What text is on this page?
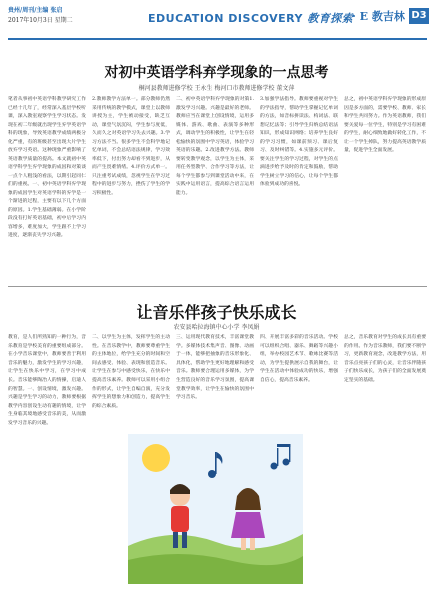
贵州/周刊/主编 张启
2017年10月3日 星期二	EDUCATION DISCOVERY 教育探索
· E 教吉林 D3
对初中英语学科弃学现象的一点思考
桐河县教师进修学校 王永生 梅河口市教师进修学校 董文萍
笔者从事初中英语学科教学研究工作已经十几年了，经常深入基层学校听课，深入教室观察学生学习状态。发现在初二年级就出现学生弃学英语学科的现象，导致英语教学成绩两极分化严重，有的班级甚至出现大片学生放弃学习英语。这种现象严重影响了英语教学质量的提高。本文就初中英语学科学生弃学现象的成因和对策谈一点个人粗浅的看法，以期引起同仁们的重视。一、初中英语学科弃学现象的成因学生对英语学科的弃学是一个渐进的过程，主要有以下几个方面的原因。1.学生基础薄弱。在小学阶段没有打好英语基础，初中后学习内容增多，难度加大，学生跟不上学习进度，逐渐丧失学习兴趣。
2.教师教学方法单一。部分教师仍然采用传统的教学模式，课堂上以教师讲授为主，学生被动接受，缺乏互动，课堂气氛沉闷，学生参与度低，久而久之对英语学习失去兴趣。3.学习方法不当。很多学生不会科学地记忆单词，不会总结语法规律，学习效率低下，付出努力却看不到进步，从而产生畏难情绪。4.评价方式单一。只注重考试成绩，忽视学生在学习过程中的进步与努力，挫伤了学生的学习积极性。
二、初中英语学科弃学现象的对策1.激发学习兴趣。兴趣是最好的老师。教师应当在课堂上创设情境，运用多媒体、游戏、歌曲、表演等多种形式，调动学生的积极性，让学生在轻松愉快的氛围中学习英语，体验学习英语的乐趣。2.改进教学方法。教师要转变教学观念，以学生为主体，采用任务型教学、合作学习等方法，让每个学生都参与到课堂活动中来，在实践中运用语言，提高综合语言运用能力。
3.加强学法指导。教师要重视对学生的学法指导，帮助学生掌握记忆单词的方法，如音标拼读法、构词法、联想记忆法等；引导学生归纳总结语法知识，形成知识网络；培养学生良好的学习习惯，如课前预习、课后复习、及时纠错等。4.实施多元评价。要关注学生的学习过程，对学生的点滴进步给予及时的肯定和鼓励，帮助学生树立学习的信心，让每个学生都体验到成功的喜悦。
总之，初中英语学科弃学现象的形成原因是多方面的，需要学校、教师、家长和学生共同努力。作为英语教师，我们要关爱每一位学生，特别是学习有困难的学生，耐心细致地做好转化工作，不让一个学生掉队，努力提高英语教学质量，促进学生全面发展。
让音乐伴孩子快乐成长
农安县哈拉海镇中心小学 李凤娟
教育，是人们所熟知的一种行为，音乐教育是学校美育的重要组成部分。在小学音乐课堂中，教师要善于利用音乐的魅力，激发学生的学习兴趣，让学生在快乐中学习，在学习中成长。音乐能够陶冶人的情操，启迪人的智慧。一、创设情境，激发兴趣。兴趣是学生学习的动力，教师要根据教学内容创设生动有趣的情境，让学生身临其境地感受音乐的美，从而激发学习音乐的兴趣。
二、以学生为主体，发挥学生的主动性。在音乐教学中，教师要尊重学生的主体地位，给学生充分的时间和空间去感受、体验、表现和创造音乐。让学生在参与中感受快乐，在快乐中提高音乐素养。教师可以采用小组合作的形式，让学生自编自演，充分发挥学生的想象力和创造力，提高学生的综合素质。
三、运用现代教育技术，丰富课堂教学。多媒体技术集声音、图像、动画于一体，能够把抽象的音乐形象化、具体化，帮助学生更好地理解和感受音乐。教师要合理运用多媒体，为学生营造良好的音乐学习氛围，提高课堂教学效率，让学生在愉快的氛围中学习音乐。
四、开展丰富多彩的音乐活动。学校可以组织合唱、器乐、舞蹈等兴趣小组，举办校园艺术节、歌咏比赛等活动，为学生提供展示自我的舞台，让学生在活动中体验成功的快乐，增强自信心，提高音乐素养。
总之，音乐教育对学生的成长具有重要的作用。作为音乐教师，我们要不断学习，更新教育观念，改进教学方法，用音乐点亮孩子们的心灵，让音乐伴随孩子们快乐成长，为孩子们的全面发展奠定坚实的基础。
